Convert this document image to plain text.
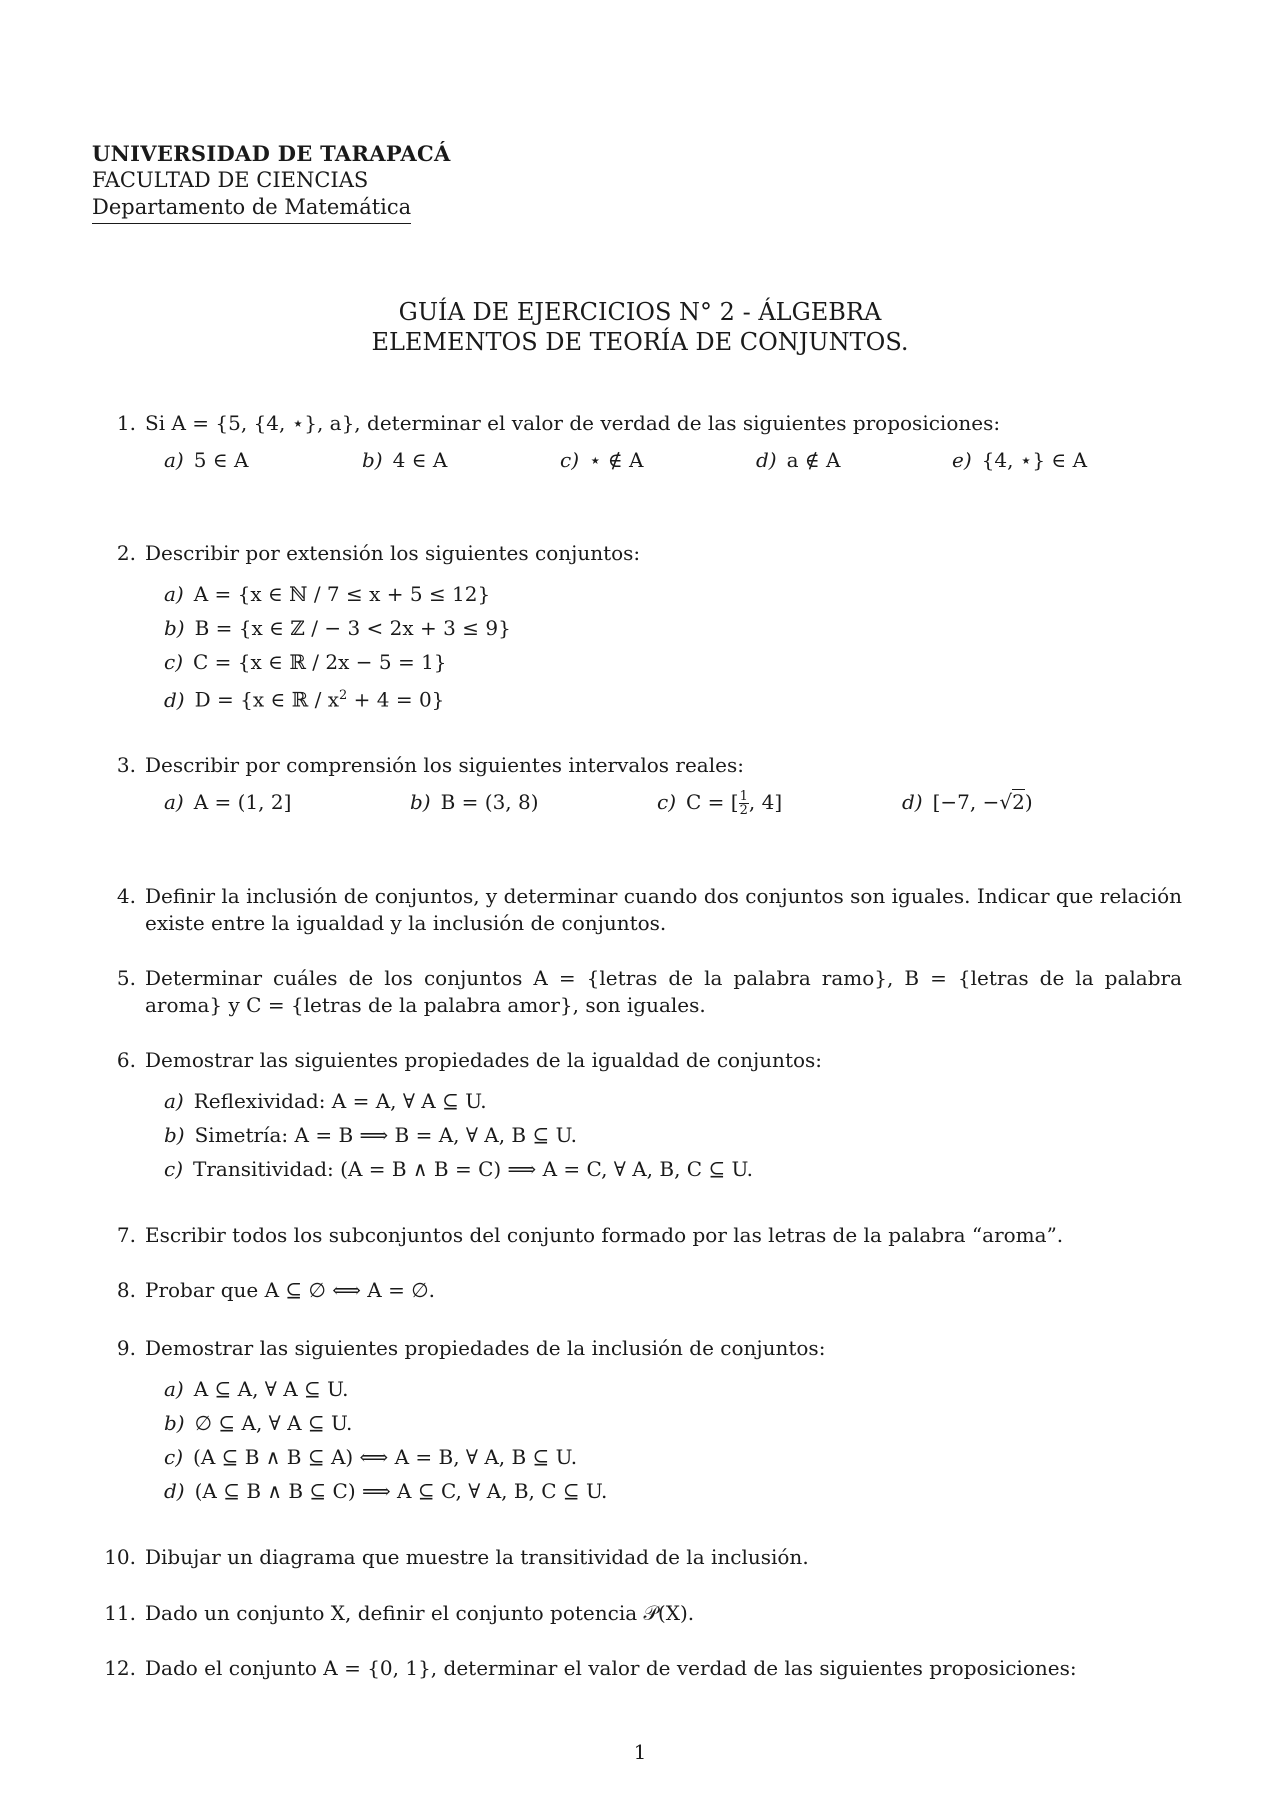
UNIVERSIDAD DE TARAPACÁ
FACULTAD DE CIENCIAS
Departamento de Matemática
GUÍA DE EJERCICIOS N° 2 - ÁLGEBRA
ELEMENTOS DE TEORÍA DE CONJUNTOS.
1. Si A = {5, {4, ⋆}, a}, determinar el valor de verdad de las siguientes proposiciones:
a) 5 ∈ A	b) 4 ∈ A	c) ⋆ ∉ A	d) a ∉ A	e) {4, ⋆} ∈ A
2. Describir por extensión los siguientes conjuntos:
a) A = {x ∈ ℕ / 7 ≤ x + 5 ≤ 12}
b) B = {x ∈ ℤ / − 3 < 2x + 3 ≤ 9}
c) C = {x ∈ ℝ / 2x − 5 = 1}
d) D = {x ∈ ℝ / $x^2 + 4 = 0$}
3. Describir por comprensión los siguientes intervalos reales:
a) A = (1, 2]	b) B = (3, 8)	c) C = [ $\frac{1}{2}$ , 4]	d) [−7, −√2)
4. Definir la inclusión de conjuntos, y determinar cuando dos conjuntos son iguales. Indicar que relación existe entre la igualdad y la inclusión de conjuntos.
5. Determinar cuáles de los conjuntos A = {letras de la palabra ramo}, B = {letras de la palabra aroma} y C = {letras de la palabra amor}, son iguales.
6. Demostrar las siguientes propiedades de la igualdad de conjuntos:
a) Reflexividad: A = A, ∀ A ⊆ U.
b) Simetría: A = B ⟹ B = A, ∀ A, B ⊆ U.
c) Transitividad: (A = B ∧ B = C) ⟹ A = C, ∀ A, B, C ⊆ U.
7. Escribir todos los subconjuntos del conjunto formado por las letras de la palabra “aroma”.
8. Probar que A ⊆ ∅ ⟺ A = ∅.
9. Demostrar las siguientes propiedades de la inclusión de conjuntos:
a) A ⊆ A, ∀ A ⊆ U.
b) ∅ ⊆ A, ∀ A ⊆ U.
c) (A ⊆ B ∧ B ⊆ A) ⟺ A = B, ∀ A, B ⊆ U.
d) (A ⊆ B ∧ B ⊆ C) ⟹ A ⊆ C, ∀ A, B, C ⊆ U.
10. Dibujar un diagrama que muestre la transitividad de la inclusión.
11. Dado un conjunto X, definir el conjunto potencia 𝒫(X).
12. Dado el conjunto A = {0, 1}, determinar el valor de verdad de las siguientes proposiciones:
1
